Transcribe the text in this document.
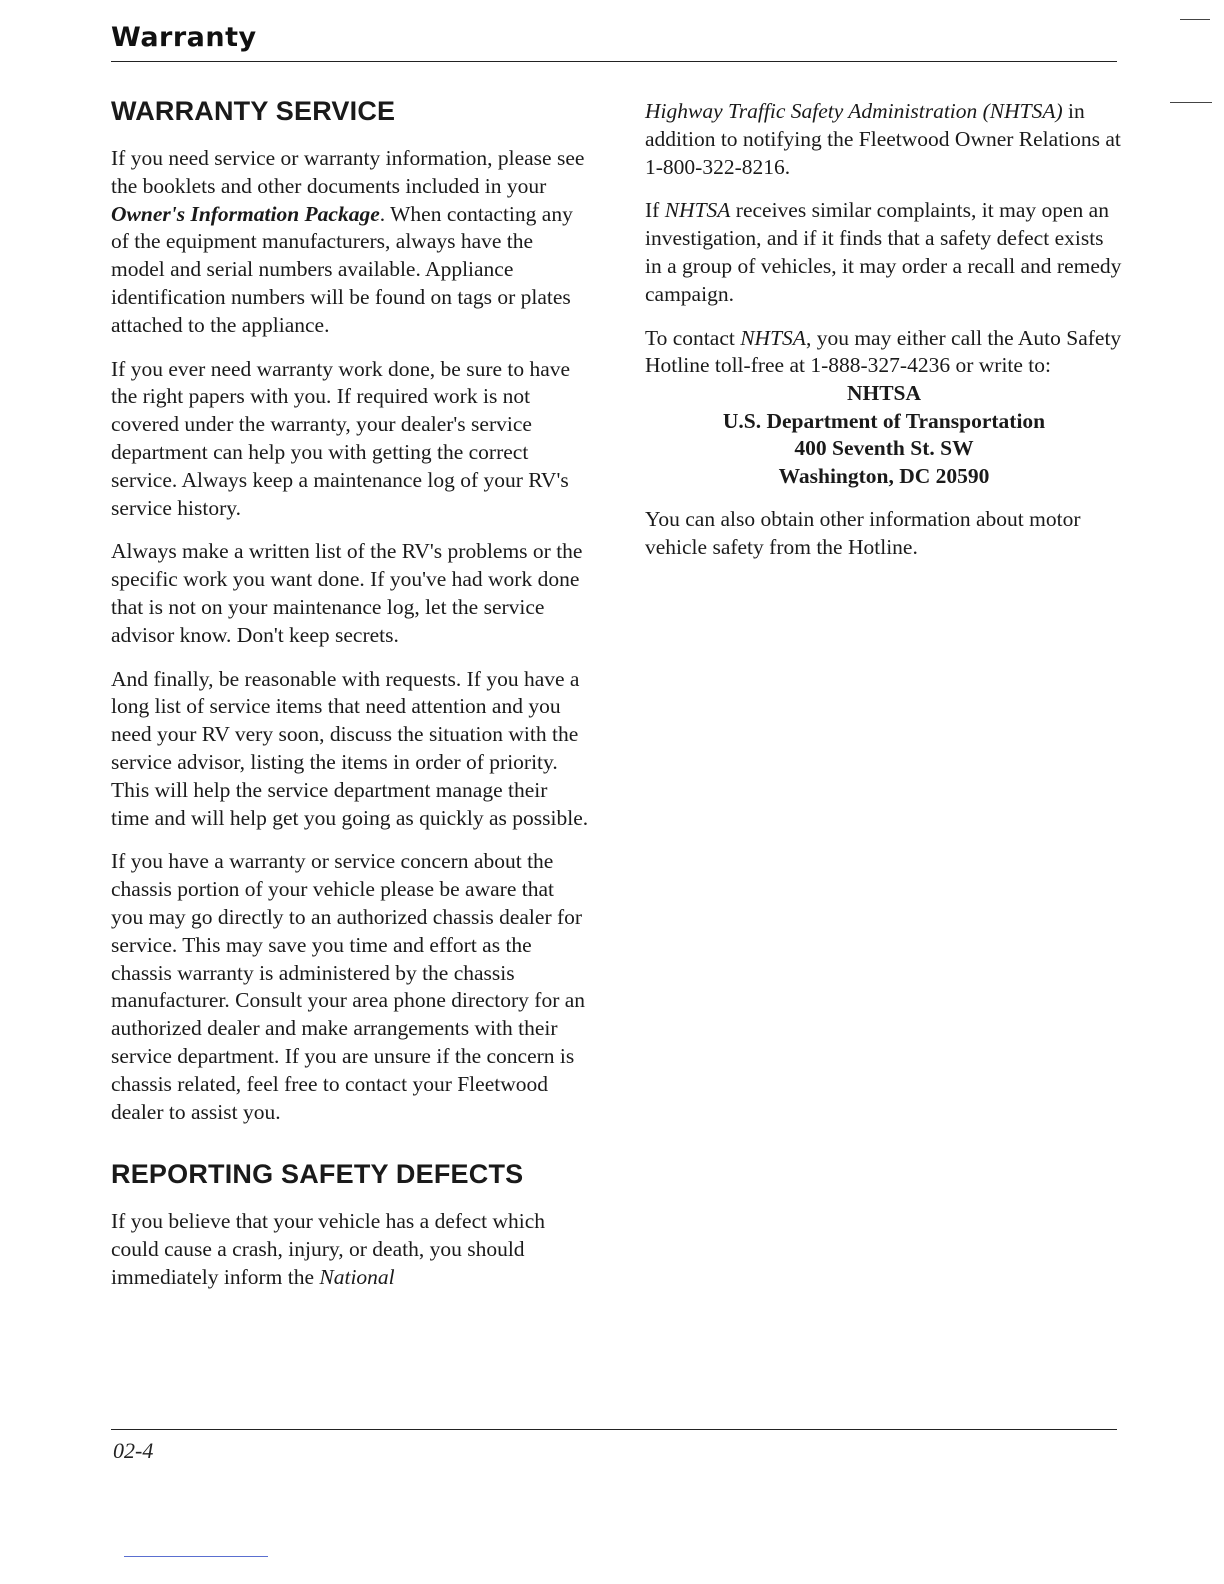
Warranty
WARRANTY SERVICE

If you need service or warranty information, please see the booklets and other documents included in your Owner's Information Package. When contacting any of the equipment manufacturers, always have the model and serial numbers available. Appliance identification numbers will be found on tags or plates attached to the appliance.

If you ever need warranty work done, be sure to have the right papers with you. If required work is not covered under the warranty, your dealer's service department can help you with getting the correct service. Always keep a maintenance log of your RV's service history.

Always make a written list of the RV's problems or the specific work you want done. If you've had work done that is not on your maintenance log, let the service advisor know. Don't keep secrets.

And finally, be reasonable with requests. If you have a long list of service items that need attention and you need your RV very soon, discuss the situation with the service advisor, listing the items in order of priority. This will help the service department manage their time and will help get you going as quickly as possible.

If you have a warranty or service concern about the chassis portion of your vehicle please be aware that you may go directly to an authorized chassis dealer for service. This may save you time and effort as the chassis warranty is administered by the chassis manufacturer. Consult your area phone directory for an authorized dealer and make arrangements with their service department. If you are unsure if the concern is chassis related, feel free to contact your Fleetwood dealer to assist you.

REPORTING SAFETY DEFECTS

If you believe that your vehicle has a defect which could cause a crash, injury, or death, you should immediately inform the National

Highway Traffic Safety Administration (NHTSA) in addition to notifying the Fleetwood Owner Relations at 1-800-322-8216.

If NHTSA receives similar complaints, it may open an investigation, and if it finds that a safety defect exists in a group of vehicles, it may order a recall and remedy campaign.

To contact NHTSA, you may either call the Auto Safety Hotline toll-free at 1-888-327-4236 or write to:

NHTSA
U.S. Department of Transportation
400 Seventh St. SW
Washington, DC 20590

You can also obtain other information about motor vehicle safety from the Hotline.

02-4
